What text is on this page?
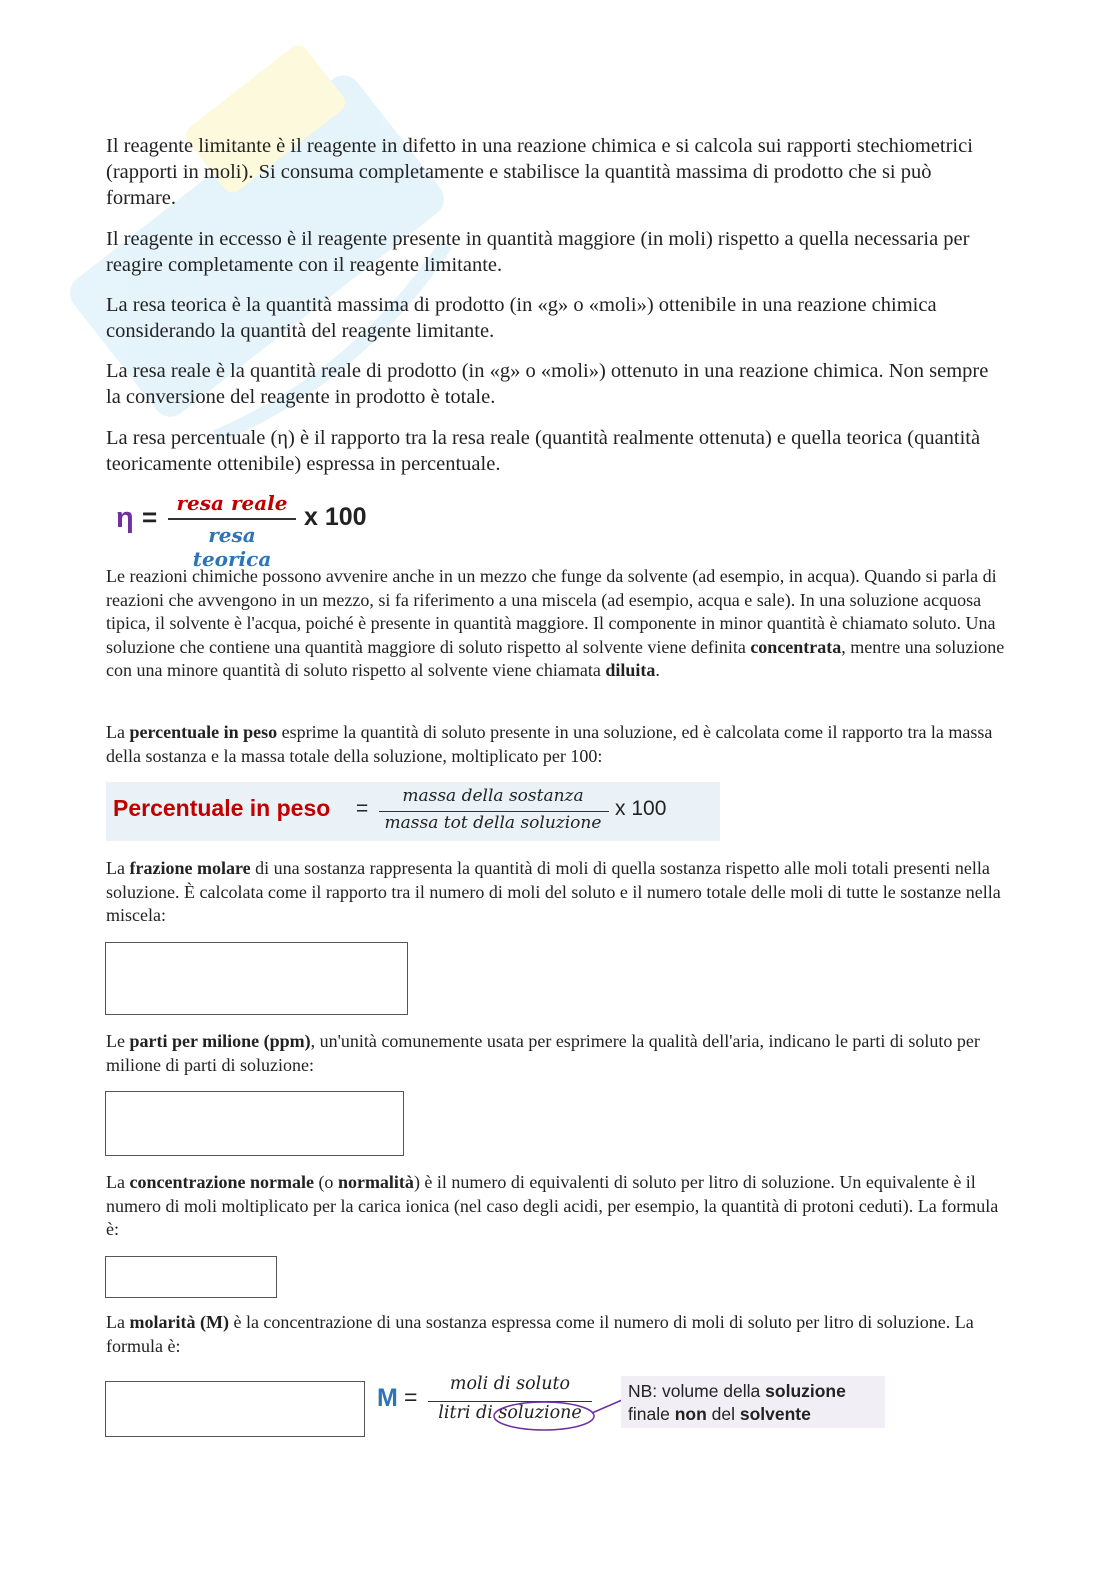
Il reagente limitante è il reagente in difetto in una reazione chimica e si calcola sui rapporti stechiometrici (rapporti in moli). Si consuma completamente e stabilisce la quantità massima di prodotto che si può formare.

Il reagente in eccesso è il reagente presente in quantità maggiore (in moli) rispetto a quella necessaria per reagire completamente con il reagente limitante.

La resa teorica è la quantità massima di prodotto (in «g» o «moli») ottenibile in una reazione chimica considerando la quantità del reagente limitante.

La resa reale è la quantità reale di prodotto (in «g» o «moli») ottenuto in una reazione chimica. Non sempre la conversione del reagente in prodotto è totale.

La resa percentuale (η) è il rapporto tra la resa reale (quantità realmente ottenuta) e quella teorica (quantità teoricamente ottenibile) espressa in percentuale.

η = resa reale
resa teorica
x 100

Le reazioni chimiche possono avvenire anche in un mezzo che funge da solvente (ad esempio, in acqua). Quando si parla di reazioni che avvengono in un mezzo, si fa riferimento a una miscela (ad esempio, acqua e sale). In una soluzione acquosa tipica, il solvente è l'acqua, poiché è presente in quantità maggiore. Il componente in minor quantità è chiamato soluto. Una soluzione che contiene una quantità maggiore di soluto rispetto al solvente viene definita concentrata, mentre una soluzione con una minore quantità di soluto rispetto al solvente viene chiamata diluita.

La percentuale in peso esprime la quantità di soluto presente in una soluzione, ed è calcolata come il rapporto tra la massa della sostanza e la massa totale della soluzione, moltiplicato per 100:

Percentuale in peso =
massa della sostanza
massa tot della soluzione
x 100

La frazione molare di una sostanza rappresenta la quantità di moli di quella sostanza rispetto alle moli totali presenti nella soluzione. È calcolata come il rapporto tra il numero di moli del soluto e il numero totale delle moli di tutte le sostanze nella miscela:

Le parti per milione (ppm), un'unità comunemente usata per esprimere la qualità dell'aria, indicano le parti di soluto per milione di parti di soluzione:

La concentrazione normale (o normalità) è il numero di equivalenti di soluto per litro di soluzione. Un equivalente è il numero di moli moltiplicato per la carica ionica (nel caso degli acidi, per esempio, la quantità di protoni ceduti). La formula è:

La molarità (M) è la concentrazione di una sostanza espressa come il numero di moli di soluto per litro di soluzione. La formula è:

M =	moli di soluto
litri di soluzione
NB: volume della soluzione
finale non del solvente
